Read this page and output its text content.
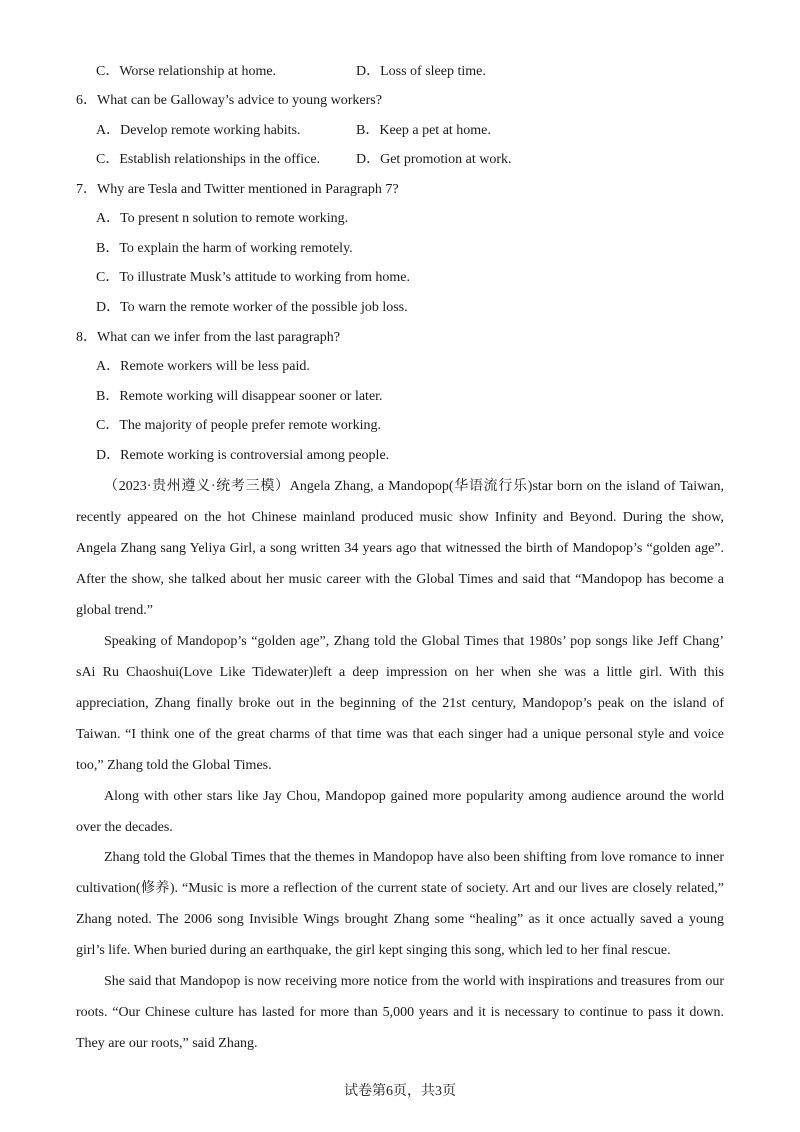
C．Worse relationship at home.	D．Loss of sleep time.
6．What can be Galloway’s advice to young workers?
A．Develop remote working habits.	B．Keep a pet at home.
C．Establish relationships in the office.	D．Get promotion at work.
7．Why are Tesla and Twitter mentioned in Paragraph 7?
A．To present n solution to remote working.
B．To explain the harm of working remotely.
C．To illustrate Musk’s attitude to working from home.
D．To warn the remote worker of the possible job loss.
8．What can we infer from the last paragraph?
A．Remote workers will be less paid.
B．Remote working will disappear sooner or later.
C．The majority of people prefer remote working.
D．Remote working is controversial among people.

（2023·贵州遵义·统考三模）Angela Zhang, a Mandopop(华语流行乐)star born on the island of Taiwan, recently appeared on the hot Chinese mainland produced music show Infinity and Beyond. During the show, Angela Zhang sang Yeliya Girl, a song written 34 years ago that witnessed the birth of Mandopop’s “golden age”. After the show, she talked about her music career with the Global Times and said that “Mandopop has become a global trend.”

Speaking of Mandopop’s “golden age”, Zhang told the Global Times that 1980s’ pop songs like Jeff Chang’ sAi Ru Chaoshui(Love Like Tidewater)left a deep impression on her when she was a little girl. With this appreciation, Zhang finally broke out in the beginning of the 21st century, Mandopop’s peak on the island of Taiwan. “I think one of the great charms of that time was that each singer had a unique personal style and voice too,” Zhang told the Global Times.

Along with other stars like Jay Chou, Mandopop gained more popularity among audience around the world over the decades.

Zhang told the Global Times that the themes in Mandopop have also been shifting from love romance to inner cultivation(修养). “Music is more a reflection of the current state of society. Art and our lives are closely related,” Zhang noted. The 2006 song Invisible Wings brought Zhang some “healing” as it once actually saved a young girl’s life. When buried during an earthquake, the girl kept singing this song, which led to her final rescue.

She said that Mandopop is now receiving more notice from the world with inspirations and treasures from our roots. “Our Chinese culture has lasted for more than 5,000 years and it is necessary to continue to pass it down. They are our roots,” said Zhang.

试卷第6页，共3页
